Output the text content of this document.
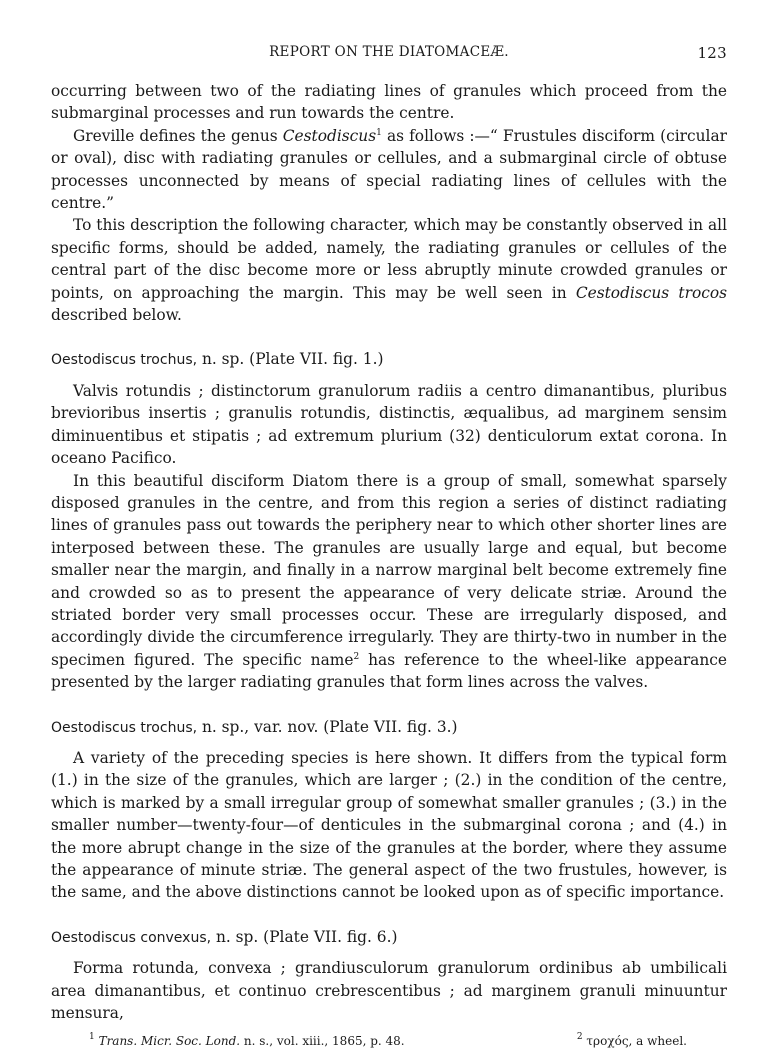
REPORT ON THE DIATOMACEÆ.	123

occurring between two of the radiating lines of granules which proceed from the submarginal processes and run towards the centre.

Greville defines the genus Cestodiscus$^1$ as follows :—“ Frustules disciform (circular or oval), disc with radiating granules or cellules, and a submarginal circle of obtuse processes unconnected by means of special radiating lines of cellules with the centre.”

To this description the following character, which may be constantly observed in all specific forms, should be added, namely, the radiating granules or cellules of the central part of the disc become more or less abruptly minute crowded granules or points, on approaching the margin. This may be well seen in Cestodiscus trocos described below.

Oestodiscus trochus, n. sp. (Plate VII. fig. 1.)

Valvis rotundis ; distinctorum granulorum radiis a centro dimanantibus, pluribus brevioribus insertis ; granulis rotundis, distinctis, æqualibus, ad marginem sensim diminuentibus et stipatis ; ad extremum plurium (32) denticulorum extat corona. In oceano Pacifico.

In this beautiful disciform Diatom there is a group of small, somewhat sparsely disposed granules in the centre, and from this region a series of distinct radiating lines of granules pass out towards the periphery near to which other shorter lines are interposed between these. The granules are usually large and equal, but become smaller near the margin, and finally in a narrow marginal belt become extremely fine and crowded so as to present the appearance of very delicate striæ. Around the striated border very small processes occur. These are irregularly disposed, and accordingly divide the circumference irregularly. They are thirty-two in number in the specimen figured. The specific name$^2$ has reference to the wheel-like appearance presented by the larger radiating granules that form lines across the valves.

Oestodiscus trochus, n. sp., var. nov. (Plate VII. fig. 3.)

A variety of the preceding species is here shown. It differs from the typical form (1.) in the size of the granules, which are larger ; (2.) in the condition of the centre, which is marked by a small irregular group of somewhat smaller granules ; (3.) in the smaller number—twenty-four—of denticules in the submarginal corona ; and (4.) in the more abrupt change in the size of the granules at the border, where they assume the appearance of minute striæ. The general aspect of the two frustules, however, is the same, and the above distinctions cannot be looked upon as of specific importance.

Oestodiscus convexus, n. sp. (Plate VII. fig. 6.)

Forma rotunda, convexa ; grandiusculorum granulorum ordinibus ab umbilicali area dimanantibus, et continuo crebrescentibus ; ad marginem granuli minuuntur mensura,

$^1$ Trans. Micr. Soc. Lond. n. s., vol. xiii., 1865, p. 48.	$^2$ τροχός, a wheel.
